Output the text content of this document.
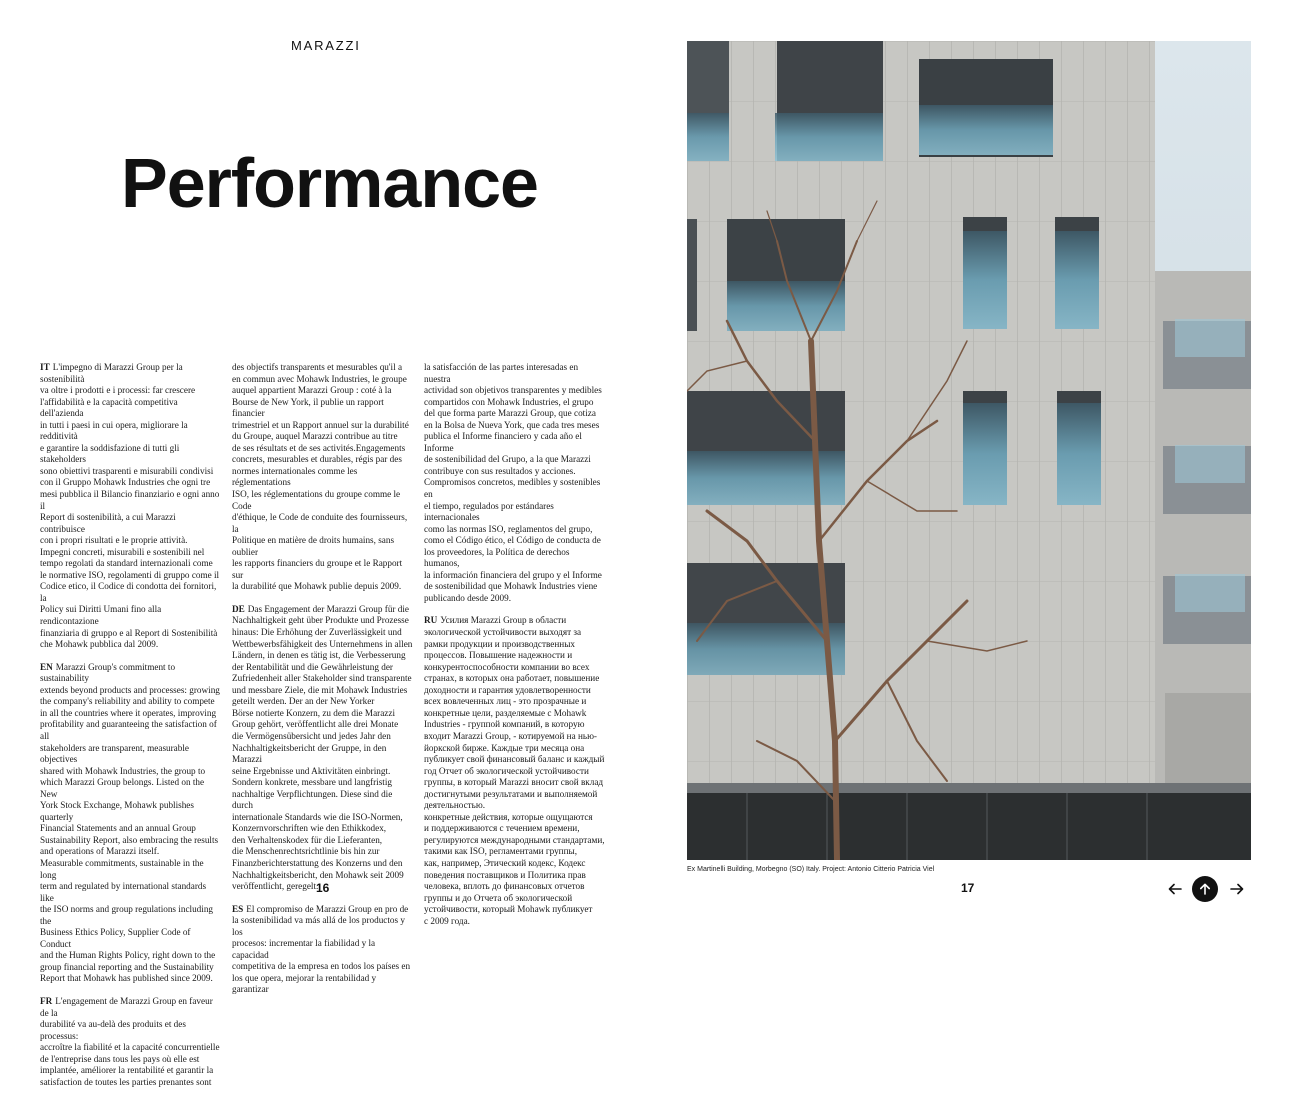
MARAZZI
Performance

IT L'impegno di Marazzi Group per la sostenibilità
va oltre i prodotti e i processi: far crescere
l'affidabilità e la capacità competitiva dell'azienda
in tutti i paesi in cui opera, migliorare la redditività
e garantire la soddisfazione di tutti gli stakeholders
sono obiettivi trasparenti e misurabili condivisi
con il Gruppo Mohawk Industries che ogni tre
mesi pubblica il Bilancio finanziario e ogni anno il
Report di sostenibilità, a cui Marazzi contribuisce
con i propri risultati e le proprie attività.
Impegni concreti, misurabili e sostenibili nel
tempo regolati da standard internazionali come
le normative ISO, regolamenti di gruppo come il
Codice etico, il Codice di condotta dei fornitori, la
Policy sui Diritti Umani fino alla rendicontazione
finanziaria di gruppo e al Report di Sostenibilità
che Mohawk pubblica dal 2009.

EN Marazzi Group's commitment to sustainability
extends beyond products and processes: growing
the company's reliability and ability to compete
in all the countries where it operates, improving
profitability and guaranteeing the satisfaction of all
stakeholders are transparent, measurable objectives
shared with Mohawk Industries, the group to
which Marazzi Group belongs. Listed on the New
York Stock Exchange, Mohawk publishes quarterly
Financial Statements and an annual Group
Sustainability Report, also embracing the results
and operations of Marazzi itself.
Measurable commitments, sustainable in the long
term and regulated by international standards like
the ISO norms and group regulations including the
Business Ethics Policy, Supplier Code of Conduct
and the Human Rights Policy, right down to the
group financial reporting and the Sustainability
Report that Mohawk has published since 2009.

FR L'engagement de Marazzi Group en faveur de la
durabilité va au-delà des produits et des processus:
accroître la fiabilité et la capacité concurrentielle
de l'entreprise dans tous les pays où elle est
implantée, améliorer la rentabilité et garantir la
satisfaction de toutes les parties prenantes sont

des objectifs transparents et mesurables qu'il a
en commun avec Mohawk Industries, le groupe
auquel appartient Marazzi Group : coté à la
Bourse de New York, il publie un rapport financier
trimestriel et un Rapport annuel sur la durabilité
du Groupe, auquel Marazzi contribue au titre
de ses résultats et de ses activités.Engagements
concrets, mesurables et durables, régis par des
normes internationales comme les réglementations
ISO, les réglementations du groupe comme le Code
d'éthique, le Code de conduite des fournisseurs, la
Politique en matière de droits humains, sans oublier
les rapports financiers du groupe et le Rapport sur
la durabilité que Mohawk publie depuis 2009.

DE Das Engagement der Marazzi Group für die
Nachhaltigkeit geht über Produkte und Prozesse
hinaus: Die Erhöhung der Zuverlässigkeit und
Wettbewerbsfähigkeit des Unternehmens in allen
Ländern, in denen es tätig ist, die Verbesserung
der Rentabilität und die Gewährleistung der
Zufriedenheit aller Stakeholder sind transparente
und messbare Ziele, die mit Mohawk Industries
geteilt werden. Der an der New Yorker
Börse notierte Konzern, zu dem die Marazzi
Group gehört, veröffentlicht alle drei Monate
die Vermögensübersicht und jedes Jahr den
Nachhaltigkeitsbericht der Gruppe, in den Marazzi
seine Ergebnisse und Aktivitäten einbringt.
Sondern konkrete, messbare und langfristig
nachhaltige Verpflichtungen. Diese sind die durch
internationale Standards wie die ISO-Normen,
Konzernvorschriften wie den Ethikkodex,
den Verhaltenskodex für die Lieferanten,
die Menschenrechtsrichtlinie bis hin zur
Finanzberichterstattung des Konzerns und den
Nachhaltigkeitsbericht, den Mohawk seit 2009
veröffentlicht, geregelt.

ES El compromiso de Marazzi Group en pro de
la sostenibilidad va más allá de los productos y los
procesos: incrementar la fiabilidad y la capacidad
competitiva de la empresa en todos los países en
los que opera, mejorar la rentabilidad y garantizar

la satisfacción de las partes interesadas en nuestra
actividad son objetivos transparentes y medibles
compartidos con Mohawk Industries, el grupo
del que forma parte Marazzi Group, que cotiza
en la Bolsa de Nueva York, que cada tres meses
publica el Informe financiero y cada año el Informe
de sostenibilidad del Grupo, a la que Marazzi
contribuye con sus resultados y acciones.
Compromisos concretos, medibles y sostenibles en
el tiempo, regulados por estándares internacionales
como las normas ISO, reglamentos del grupo,
como el Código ético, el Código de conducta de
los proveedores, la Política de derechos humanos,
la información financiera del grupo y el Informe
de sostenibilidad que Mohawk Industries viene
publicando desde 2009.

RU Усилия Marazzi Group в области
экологической устойчивости выходят за
рамки продукции и производственных
процессов. Повышение надежности и
конкурентоспособности компании во всех
странах, в которых она работает, повышение
доходности и гарантия удовлетворенности
всех вовлеченных лиц - это прозрачные и
конкретные цели, разделяемые с Mohawk
Industries - группой компаний, в которую
входит Marazzi Group, - котируемой на нью-
йоркской бирже. Каждые три месяца она
публикует свой финансовый баланс и каждый
год Отчет об экологической устойчивости
группы, в который Marazzi вносит свой вклад
достигнутыми результатами и выполняемой
деятельностью.
конкретные действия, которые ощущаются
и поддерживаются с течением времени,
регулируются международными стандартами,
такими как ISO, регламентами группы,
как, например, Этический кодекс, Кодекс
поведения поставщиков и Политика прав
человека, вплоть до финансовых отчетов
группы и до Отчета об экологической
устойчивости, который Mohawk публикует
с 2009 года.

16	17
Ex Martinelli Building, Morbegno (SO) Italy. Project: Antonio Citterio Patricia Viel
